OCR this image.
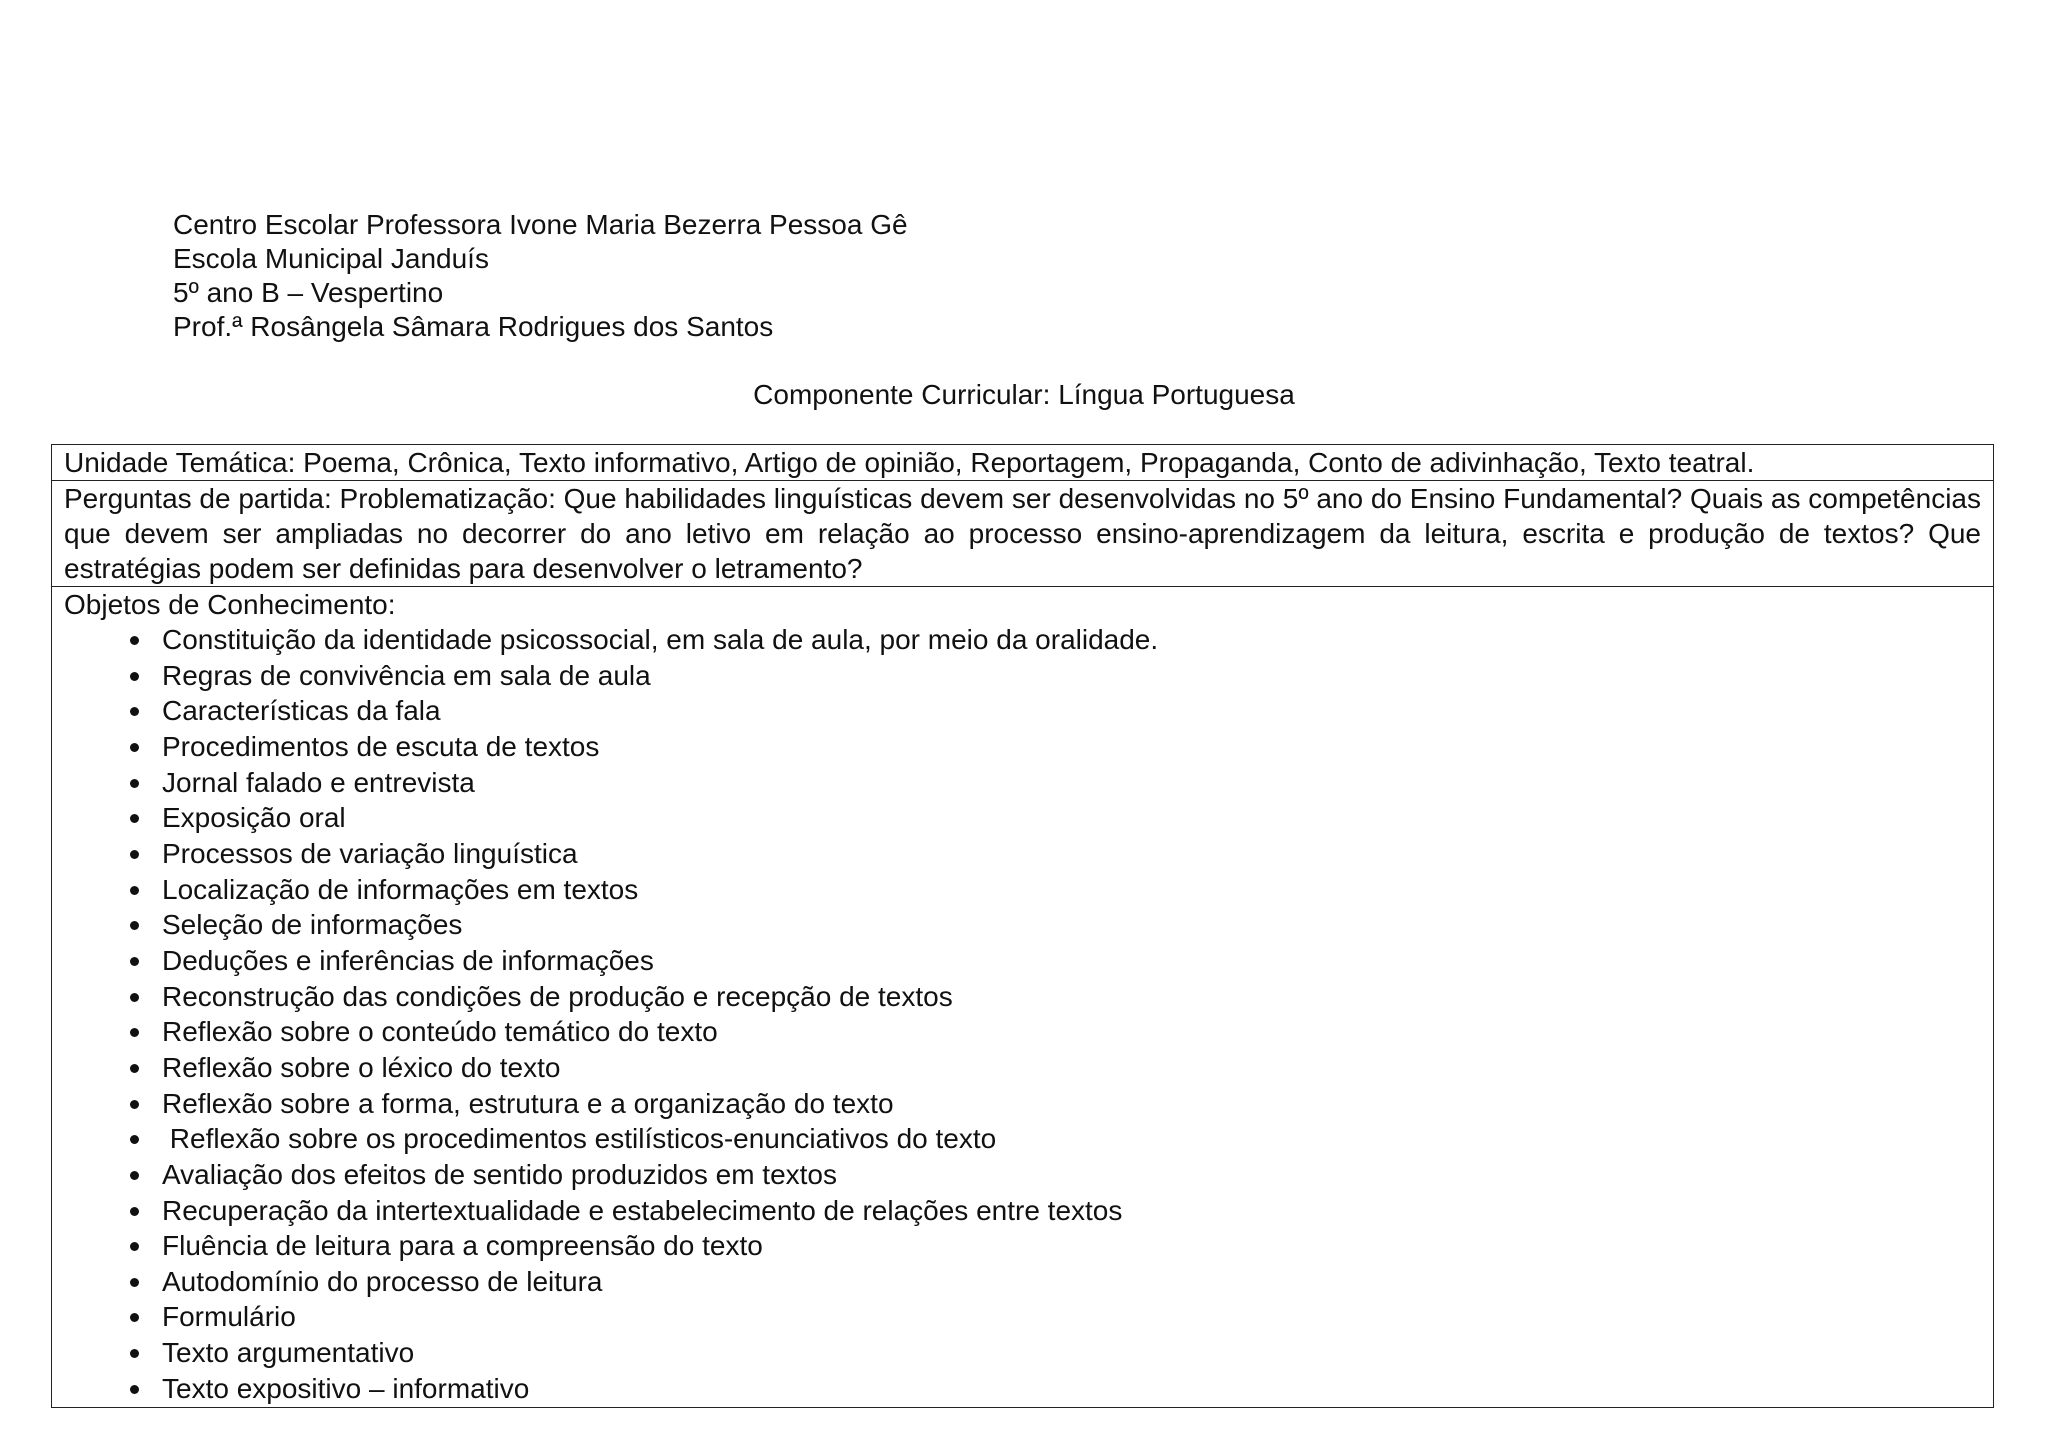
Centro Escolar Professora Ivone Maria Bezerra Pessoa Gê
Escola Municipal Janduís
5º ano B – Vespertino
Prof.ª Rosângela Sâmara Rodrigues dos Santos
Componente Curricular: Língua Portuguesa
Unidade Temática: Poema, Crônica, Texto informativo, Artigo de opinião, Reportagem, Propaganda, Conto de adivinhação, Texto teatral.
Perguntas de partida: Problematização: Que habilidades linguísticas devem ser desenvolvidas no 5º ano do Ensino Fundamental? Quais as competências que devem ser ampliadas no decorrer do ano letivo em relação ao processo ensino-aprendizagem da leitura, escrita e produção de textos? Que estratégias podem ser definidas para desenvolver o letramento?

Objetos de Conhecimento:
Constituição da identidade psicossocial, em sala de aula, por meio da oralidade.
Regras de convivência em sala de aula
Características da fala
Procedimentos de escuta de textos
Jornal falado e entrevista
Exposição oral
Processos de variação linguística
Localização de informações em textos
Seleção de informações
Deduções e inferências de informações
Reconstrução das condições de produção e recepção de textos
Reflexão sobre o conteúdo temático do texto
Reflexão sobre o léxico do texto
Reflexão sobre a forma, estrutura e a organização do texto
Reflexão sobre os procedimentos estilísticos-enunciativos do texto
Avaliação dos efeitos de sentido produzidos em textos
Recuperação da intertextualidade e estabelecimento de relações entre textos
Fluência de leitura para a compreensão do texto
Autodomínio do processo de leitura
Formulário
Texto argumentativo
Texto expositivo – informativo
